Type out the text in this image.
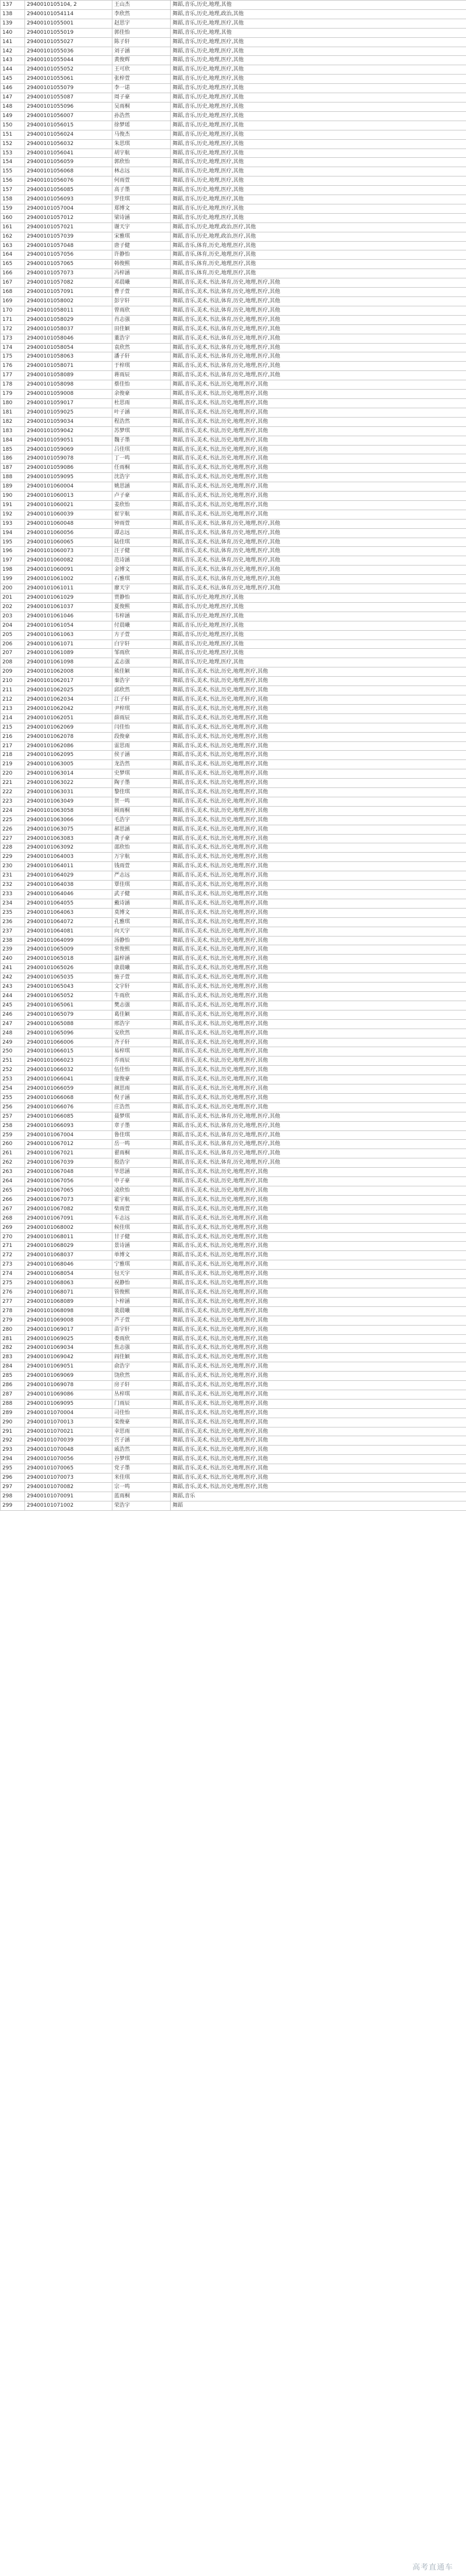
137	2940010105104, 2	王山杰	舞蹈,音乐,历史,地理,其他
138	29400101054114	李欣然	舞蹈,音乐,历史,地理,政治,其他
139	29400101055001	赵思宇	舞蹈,音乐,历史,地理,医疗,其他
140	29400101055019	郭佳怡	舞蹈,音乐,历史,地理,其他
141	29400101055027	陈子轩	舞蹈,音乐,历史,地理,医疗,其他
142	29400101055036	刘子涵	舞蹈,音乐,历史,地理,医疗,其他
143	29400101055044	黄俊辉	舞蹈,音乐,历史,地理,医疗,其他
144	29400101055052	王可欣	舞蹈,音乐,历史,地理,医疗,其他
145	29400101055061	张梓萱	舞蹈,音乐,历史,地理,医疗,其他
146	29400101055079	李一诺	舞蹈,音乐,历史,地理,医疗,其他
147	29400101055087	周子豪	舞蹈,音乐,历史,地理,医疗,其他
148	29400101055096	吴雨桐	舞蹈,音乐,历史,地理,医疗,其他
149	29400101056007	孙浩然	舞蹈,音乐,历史,地理,医疗,其他
150	29400101056015	徐梦瑶	舞蹈,音乐,历史,地理,医疗,其他
151	29400101056024	马俊杰	舞蹈,音乐,历史,地理,医疗,其他
152	29400101056032	朱思琪	舞蹈,音乐,历史,地理,医疗,其他
153	29400101056041	胡宇航	舞蹈,音乐,历史,地理,医疗,其他
154	29400101056059	郭欣怡	舞蹈,音乐,历史,地理,医疗,其他
155	29400101056068	林志远	舞蹈,音乐,历史,地理,医疗,其他
156	29400101056076	何雨萱	舞蹈,音乐,历史,地理,医疗,其他
157	29400101056085	高子墨	舞蹈,音乐,历史,地理,医疗,其他
158	29400101056093	罗佳琪	舞蹈,音乐,历史,地理,医疗,其他
159	29400101057004	郑博文	舞蹈,音乐,历史,地理,医疗,其他
160	29400101057012	梁诗涵	舞蹈,音乐,历史,地理,医疗,其他
161	29400101057021	谢天宇	舞蹈,音乐,历史,地理,政治,医疗,其他
162	29400101057039	宋雅琪	舞蹈,音乐,历史,地理,政治,医疗,其他
163	29400101057048	唐子健	舞蹈,音乐,体育,历史,地理,医疗,其他
164	29400101057056	许静怡	舞蹈,音乐,体育,历史,地理,医疗,其他
165	29400101057065	韩俊熙	舞蹈,音乐,体育,历史,地理,医疗,其他
166	29400101057073	冯梓涵	舞蹈,音乐,体育,历史,地理,医疗,其他
167	29400101057082	邓晨曦	舞蹈,音乐,美术,书法,体育,历史,地理,医疗,其他
168	29400101057091	曹子萱	舞蹈,音乐,美术,书法,体育,历史,地理,医疗,其他
169	29400101058002	彭宇轩	舞蹈,音乐,美术,书法,体育,历史,地理,医疗,其他
170	29400101058011	曾雨欣	舞蹈,音乐,美术,书法,体育,历史,地理,医疗,其他
171	29400101058029	肖志强	舞蹈,音乐,美术,书法,体育,历史,地理,医疗,其他
172	29400101058037	田佳颖	舞蹈,音乐,美术,书法,体育,历史,地理,医疗,其他
173	29400101058046	董浩宇	舞蹈,音乐,美术,书法,体育,历史,地理,医疗,其他
174	29400101058054	袁欣然	舞蹈,音乐,美术,书法,体育,历史,地理,医疗,其他
175	29400101058063	潘子轩	舞蹈,音乐,美术,书法,体育,历史,地理,医疗,其他
176	29400101058071	于梓琪	舞蹈,音乐,美术,书法,体育,历史,地理,医疗,其他
177	29400101058089	蒋雨辰	舞蹈,音乐,美术,书法,体育,历史,地理,医疗,其他
178	29400101058098	蔡佳怡	舞蹈,音乐,美术,书法,历史,地理,医疗,其他
179	29400101059008	余俊豪	舞蹈,音乐,美术,书法,历史,地理,医疗,其他
180	29400101059017	杜思雨	舞蹈,音乐,美术,书法,历史,地理,医疗,其他
181	29400101059025	叶子涵	舞蹈,音乐,美术,书法,历史,地理,医疗,其他
182	29400101059034	程浩然	舞蹈,音乐,美术,书法,历史,地理,医疗,其他
183	29400101059042	苏梦琪	舞蹈,音乐,美术,书法,历史,地理,医疗,其他
184	29400101059051	魏子墨	舞蹈,音乐,美术,书法,历史,地理,医疗,其他
185	29400101059069	吕佳琪	舞蹈,音乐,美术,书法,历史,地理,医疗,其他
186	29400101059078	丁一鸣	舞蹈,音乐,美术,书法,历史,地理,医疗,其他
187	29400101059086	任雨桐	舞蹈,音乐,美术,书法,历史,地理,医疗,其他
188	29400101059095	沈浩宇	舞蹈,音乐,美术,书法,历史,地理,医疗,其他
189	29400101060004	姚思涵	舞蹈,音乐,美术,书法,历史,地理,医疗,其他
190	29400101060013	卢子豪	舞蹈,音乐,美术,书法,历史,地理,医疗,其他
191	29400101060021	姜欣怡	舞蹈,音乐,美术,书法,历史,地理,医疗,其他
192	29400101060039	崔宇航	舞蹈,音乐,美术,书法,历史,地理,医疗,其他
193	29400101060048	钟雨萱	舞蹈,音乐,美术,书法,体育,历史,地理,医疗,其他
194	29400101060056	谭志远	舞蹈,音乐,美术,书法,体育,历史,地理,医疗,其他
195	29400101060065	陆佳琪	舞蹈,音乐,美术,书法,体育,历史,地理,医疗,其他
196	29400101060073	汪子健	舞蹈,音乐,美术,书法,体育,历史,地理,医疗,其他
197	29400101060082	范诗涵	舞蹈,音乐,美术,书法,体育,历史,地理,医疗,其他
198	29400101060091	金博文	舞蹈,音乐,美术,书法,体育,历史,地理,医疗,其他
199	29400101061002	石雅琪	舞蹈,音乐,美术,书法,体育,历史,地理,医疗,其他
200	29400101061011	廖天宇	舞蹈,音乐,美术,书法,体育,历史,地理,医疗,其他
201	29400101061029	贾静怡	舞蹈,音乐,历史,地理,医疗,其他
202	29400101061037	夏俊熙	舞蹈,音乐,历史,地理,医疗,其他
203	29400101061046	韦梓涵	舞蹈,音乐,历史,地理,医疗,其他
204	29400101061054	付晨曦	舞蹈,音乐,历史,地理,医疗,其他
205	29400101061063	方子萱	舞蹈,音乐,历史,地理,医疗,其他
206	29400101061071	白宇轩	舞蹈,音乐,历史,地理,医疗,其他
207	29400101061089	邹雨欣	舞蹈,音乐,历史,地理,医疗,其他
208	29400101061098	孟志强	舞蹈,音乐,历史,地理,医疗,其他
209	29400101062008	熊佳颖	舞蹈,音乐,美术,书法,历史,地理,医疗,其他
210	29400101062017	秦浩宇	舞蹈,音乐,美术,书法,历史,地理,医疗,其他
211	29400101062025	邱欣然	舞蹈,音乐,美术,书法,历史,地理,医疗,其他
212	29400101062034	江子轩	舞蹈,音乐,美术,书法,历史,地理,医疗,其他
213	29400101062042	尹梓琪	舞蹈,音乐,美术,书法,历史,地理,医疗,其他
214	29400101062051	薛雨辰	舞蹈,音乐,美术,书法,历史,地理,医疗,其他
215	29400101062069	闫佳怡	舞蹈,音乐,美术,书法,历史,地理,医疗,其他
216	29400101062078	段俊豪	舞蹈,音乐,美术,书法,历史,地理,医疗,其他
217	29400101062086	雷思雨	舞蹈,音乐,美术,书法,历史,地理,医疗,其他
218	29400101062095	侯子涵	舞蹈,音乐,美术,书法,历史,地理,医疗,其他
219	29400101063005	龙浩然	舞蹈,音乐,美术,书法,历史,地理,医疗,其他
220	29400101063014	史梦琪	舞蹈,音乐,美术,书法,历史,地理,医疗,其他
221	29400101063022	陶子墨	舞蹈,音乐,美术,书法,历史,地理,医疗,其他
222	29400101063031	黎佳琪	舞蹈,音乐,美术,书法,历史,地理,医疗,其他
223	29400101063049	贺一鸣	舞蹈,音乐,美术,书法,历史,地理,医疗,其他
224	29400101063058	顾雨桐	舞蹈,音乐,美术,书法,历史,地理,医疗,其他
225	29400101063066	毛浩宇	舞蹈,音乐,美术,书法,历史,地理,医疗,其他
226	29400101063075	郝思涵	舞蹈,音乐,美术,书法,历史,地理,医疗,其他
227	29400101063083	龚子豪	舞蹈,音乐,美术,书法,历史,地理,医疗,其他
228	29400101063092	邵欣怡	舞蹈,音乐,美术,书法,历史,地理,医疗,其他
229	29400101064003	万宇航	舞蹈,音乐,美术,书法,历史,地理,医疗,其他
230	29400101064011	钱雨萱	舞蹈,音乐,美术,书法,历史,地理,医疗,其他
231	29400101064029	严志远	舞蹈,音乐,美术,书法,历史,地理,医疗,其他
232	29400101064038	覃佳琪	舞蹈,音乐,美术,书法,历史,地理,医疗,其他
233	29400101064046	武子健	舞蹈,音乐,美术,书法,历史,地理,医疗,其他
234	29400101064055	戴诗涵	舞蹈,音乐,美术,书法,历史,地理,医疗,其他
235	29400101064063	莫博文	舞蹈,音乐,美术,书法,历史,地理,医疗,其他
236	29400101064072	孔雅琪	舞蹈,音乐,美术,书法,历史,地理,医疗,其他
237	29400101064081	向天宇	舞蹈,音乐,美术,书法,历史,地理,医疗,其他
238	29400101064099	汤静怡	舞蹈,音乐,美术,书法,历史,地理,医疗,其他
239	29400101065009	常俊熙	舞蹈,音乐,美术,书法,历史,地理,医疗,其他
240	29400101065018	温梓涵	舞蹈,音乐,美术,书法,历史,地理,医疗,其他
241	29400101065026	康晨曦	舞蹈,音乐,美术,书法,历史,地理,医疗,其他
242	29400101065035	施子萱	舞蹈,音乐,美术,书法,历史,地理,医疗,其他
243	29400101065043	文宇轩	舞蹈,音乐,美术,书法,历史,地理,医疗,其他
244	29400101065052	牛雨欣	舞蹈,音乐,美术,书法,历史,地理,医疗,其他
245	29400101065061	樊志强	舞蹈,音乐,美术,书法,历史,地理,医疗,其他
246	29400101065079	葛佳颖	舞蹈,音乐,美术,书法,历史,地理,医疗,其他
247	29400101065088	邢浩宇	舞蹈,音乐,美术,书法,历史,地理,医疗,其他
248	29400101065096	安欣然	舞蹈,音乐,美术,书法,历史,地理,医疗,其他
249	29400101066006	齐子轩	舞蹈,音乐,美术,书法,历史,地理,医疗,其他
250	29400101066015	易梓琪	舞蹈,音乐,美术,书法,历史,地理,医疗,其他
251	29400101066023	乔雨辰	舞蹈,音乐,美术,书法,历史,地理,医疗,其他
252	29400101066032	伍佳怡	舞蹈,音乐,美术,书法,历史,地理,医疗,其他
253	29400101066041	庞俊豪	舞蹈,音乐,美术,书法,历史,地理,医疗,其他
254	29400101066059	颜思雨	舞蹈,音乐,美术,书法,历史,地理,医疗,其他
255	29400101066068	倪子涵	舞蹈,音乐,美术,书法,历史,地理,医疗,其他
256	29400101066076	庄浩然	舞蹈,音乐,美术,书法,历史,地理,医疗,其他
257	29400101066085	聂梦琪	舞蹈,音乐,美术,书法,体育,历史,地理,医疗,其他
258	29400101066093	章子墨	舞蹈,音乐,美术,书法,体育,历史,地理,医疗,其他
259	29400101067004	鲁佳琪	舞蹈,音乐,美术,书法,体育,历史,地理,医疗,其他
260	29400101067012	岳一鸣	舞蹈,音乐,美术,书法,体育,历史,地理,医疗,其他
261	29400101067021	翟雨桐	舞蹈,音乐,美术,书法,体育,历史,地理,医疗,其他
262	29400101067039	殷浩宇	舞蹈,音乐,美术,书法,体育,历史,地理,医疗,其他
263	29400101067048	毕思涵	舞蹈,音乐,美术,书法,历史,地理,医疗,其他
264	29400101067056	申子豪	舞蹈,音乐,美术,书法,历史,地理,医疗,其他
265	29400101067065	凌欣怡	舞蹈,音乐,美术,书法,历史,地理,医疗,其他
266	29400101067073	霍宇航	舞蹈,音乐,美术,书法,历史,地理,医疗,其他
267	29400101067082	柴雨萱	舞蹈,音乐,美术,书法,历史,地理,医疗,其他
268	29400101067091	车志远	舞蹈,音乐,美术,书法,历史,地理,医疗,其他
269	29400101068002	候佳琪	舞蹈,音乐,美术,书法,历史,地理,医疗,其他
270	29400101068011	甘子健	舞蹈,音乐,美术,书法,历史,地理,医疗,其他
271	29400101068029	景诗涵	舞蹈,音乐,美术,书法,历史,地理,医疗,其他
272	29400101068037	单博文	舞蹈,音乐,美术,书法,历史,地理,医疗,其他
273	29400101068046	宁雅琪	舞蹈,音乐,美术,书法,历史,地理,医疗,其他
274	29400101068054	包天宇	舞蹈,音乐,美术,书法,历史,地理,医疗,其他
275	29400101068063	祝静怡	舞蹈,音乐,美术,书法,历史,地理,医疗,其他
276	29400101068071	管俊熙	舞蹈,音乐,美术,书法,历史,地理,医疗,其他
277	29400101068089	卜梓涵	舞蹈,音乐,美术,书法,历史,地理,医疗,其他
278	29400101068098	裴晨曦	舞蹈,音乐,美术,书法,历史,地理,医疗,其他
279	29400101069008	芦子萱	舞蹈,音乐,美术,书法,历史,地理,医疗,其他
280	29400101069017	苗宇轩	舞蹈,音乐,美术,书法,历史,地理,医疗,其他
281	29400101069025	娄雨欣	舞蹈,音乐,美术,书法,历史,地理,医疗,其他
282	29400101069034	焦志强	舞蹈,音乐,美术,书法,历史,地理,医疗,其他
283	29400101069042	阎佳颖	舞蹈,音乐,美术,书法,历史,地理,医疗,其他
284	29400101069051	俞浩宇	舞蹈,音乐,美术,书法,历史,地理,医疗,其他
285	29400101069069	饶欣然	舞蹈,音乐,美术,书法,历史,地理,医疗,其他
286	29400101069078	房子轩	舞蹈,音乐,美术,书法,历史,地理,医疗,其他
287	29400101069086	丛梓琪	舞蹈,音乐,美术,书法,历史,地理,医疗,其他
288	29400101069095	门雨辰	舞蹈,音乐,美术,书法,历史,地理,医疗,其他
289	29400101070004	司佳怡	舞蹈,音乐,美术,书法,历史,地理,医疗,其他
290	29400101070013	栾俊豪	舞蹈,音乐,美术,书法,历史,地理,医疗,其他
291	29400101070021	幸思雨	舞蹈,音乐,美术,书法,历史,地理,医疗,其他
292	29400101070039	宫子涵	舞蹈,音乐,美术,书法,历史,地理,医疗,其他
293	29400101070048	戚浩然	舞蹈,音乐,美术,书法,历史,地理,医疗,其他
294	29400101070056	谷梦琪	舞蹈,音乐,美术,书法,历史,地理,医疗,其他
295	29400101070065	党子墨	舞蹈,音乐,美术,书法,历史,地理,医疗,其他
296	29400101070073	米佳琪	舞蹈,音乐,美术,书法,历史,地理,医疗,其他
297	29400101070082	宗一鸣	舞蹈,音乐,美术,书法,历史,地理,医疗,其他
298	29400101070091	蓝雨桐	舞蹈,音乐
299	29400101071002	荣浩宇	舞蹈
高考直通车
